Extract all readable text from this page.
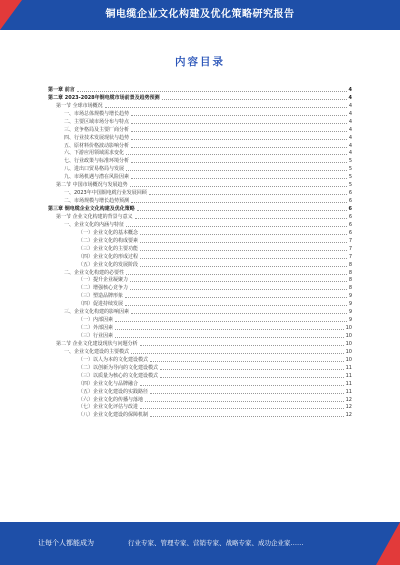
铜电缆企业文化构建及优化策略研究报告
内容目录
第一章 前言	4
第二章 2023-2028年铜电缆市场前景及趋势预测	4
第一节 全球市场概况	4
一、市场总体规模与增长趋势	4
二、主要区域市场分布与特点	4
三、竞争格局及主要厂商分析	4
四、行业技术发展现状与趋势	4
五、原材料价格波动影响分析	4
六、下游应用领域需求变化	4
七、行业政策与标准环境分析	5
八、进出口贸易格局与发展	5
九、市场机遇与潜在风险因素	5
第二节 中国市场概况与发展趋势	5
一、2023年中国铜电缆行业发展回顾	6
二、市场规模与增长趋势预测	6
第三章 铜电缆企业文化构建及优化策略	6
第一节 企业文化构建的背景与意义	6
一、企业文化的内涵与特征	6
（一）企业文化的基本概念	6
（二）企业文化的构成要素	7
（三）企业文化的主要功能	7
（四）企业文化的形成过程	7
（五）企业文化的发展阶段	8
二、企业文化构建的必要性	8
（一）提升企业凝聚力	8
（二）增强核心竞争力	8
（三）塑造品牌形象	9
（四）促进持续发展	9
三、企业文化构建的影响因素	9
（一）内部因素	9
（二）外部因素	10
（三）行业因素	10
第二节 企业文化建设现状与问题分析	10
一、企业文化建设的主要模式	10
（一）以人为本的文化建设模式	10
（二）以创新为导向的文化建设模式	11
（三）以质量为核心的文化建设模式	11
（四）企业文化与品牌融合	11
（五）企业文化建设的实践路径	11
（六）企业文化的传播与落地	12
（七）企业文化评估与改进	12
（八）企业文化建设的保障机制	12
让每个人都能成为	行业专家、管理专家、营销专家、战略专家、成功企业家……
